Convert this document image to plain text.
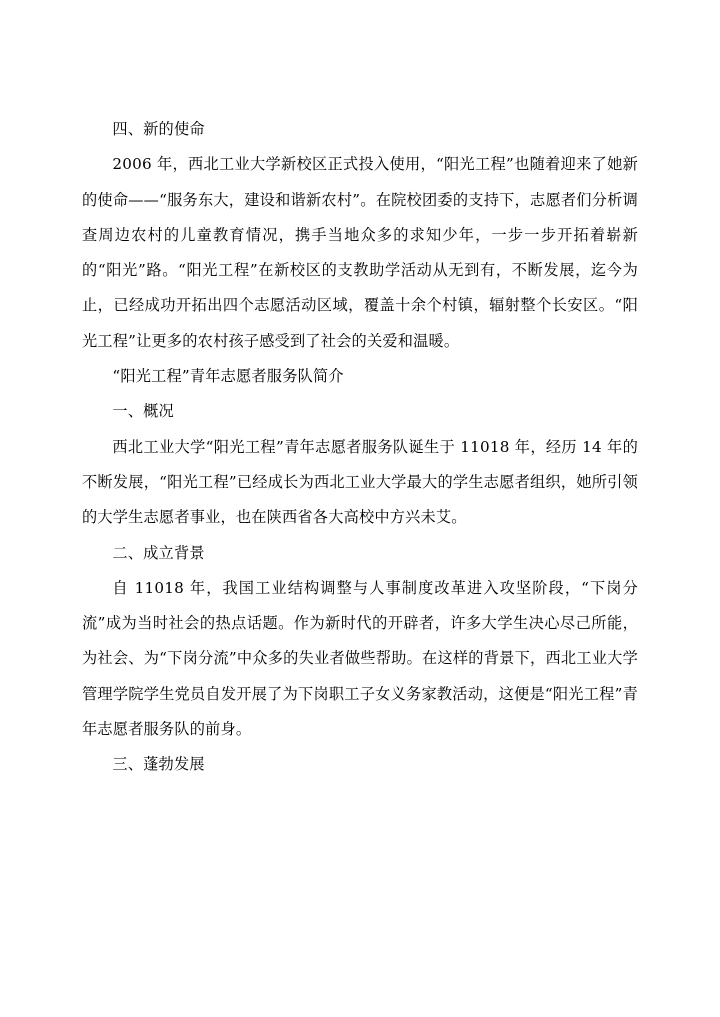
四、新的使命

2006 年，西北工业大学新校区正式投入使用，“阳光工程”也随着迎来了她新的使命——“服务东大，建设和谐新农村”。在院校团委的支持下，志愿者们分析调查周边农村的儿童教育情况，携手当地众多的求知少年，一步一步开拓着崭新的“阳光”路。“阳光工程”在新校区的支教助学活动从无到有，不断发展，迄今为止，已经成功开拓出四个志愿活动区域，覆盖十余个村镇，辐射整个长安区。“阳光工程”让更多的农村孩子感受到了社会的关爱和温暖。

“阳光工程”青年志愿者服务队简介

一、概况

西北工业大学“阳光工程”青年志愿者服务队诞生于 11018 年，经历 14 年的不断发展，“阳光工程”已经成长为西北工业大学最大的学生志愿者组织，她所引领的大学生志愿者事业，也在陕西省各大高校中方兴未艾。

二、成立背景

自 11018 年，我国工业结构调整与人事制度改革进入攻坚阶段，“下岗分流”成为当时社会的热点话题。作为新时代的开辟者，许多大学生决心尽己所能，为社会、为“下岗分流”中众多的失业者做些帮助。在这样的背景下，西北工业大学管理学院学生党员自发开展了为下岗职工子女义务家教活动，这便是“阳光工程”青年志愿者服务队的前身。

三、蓬勃发展
